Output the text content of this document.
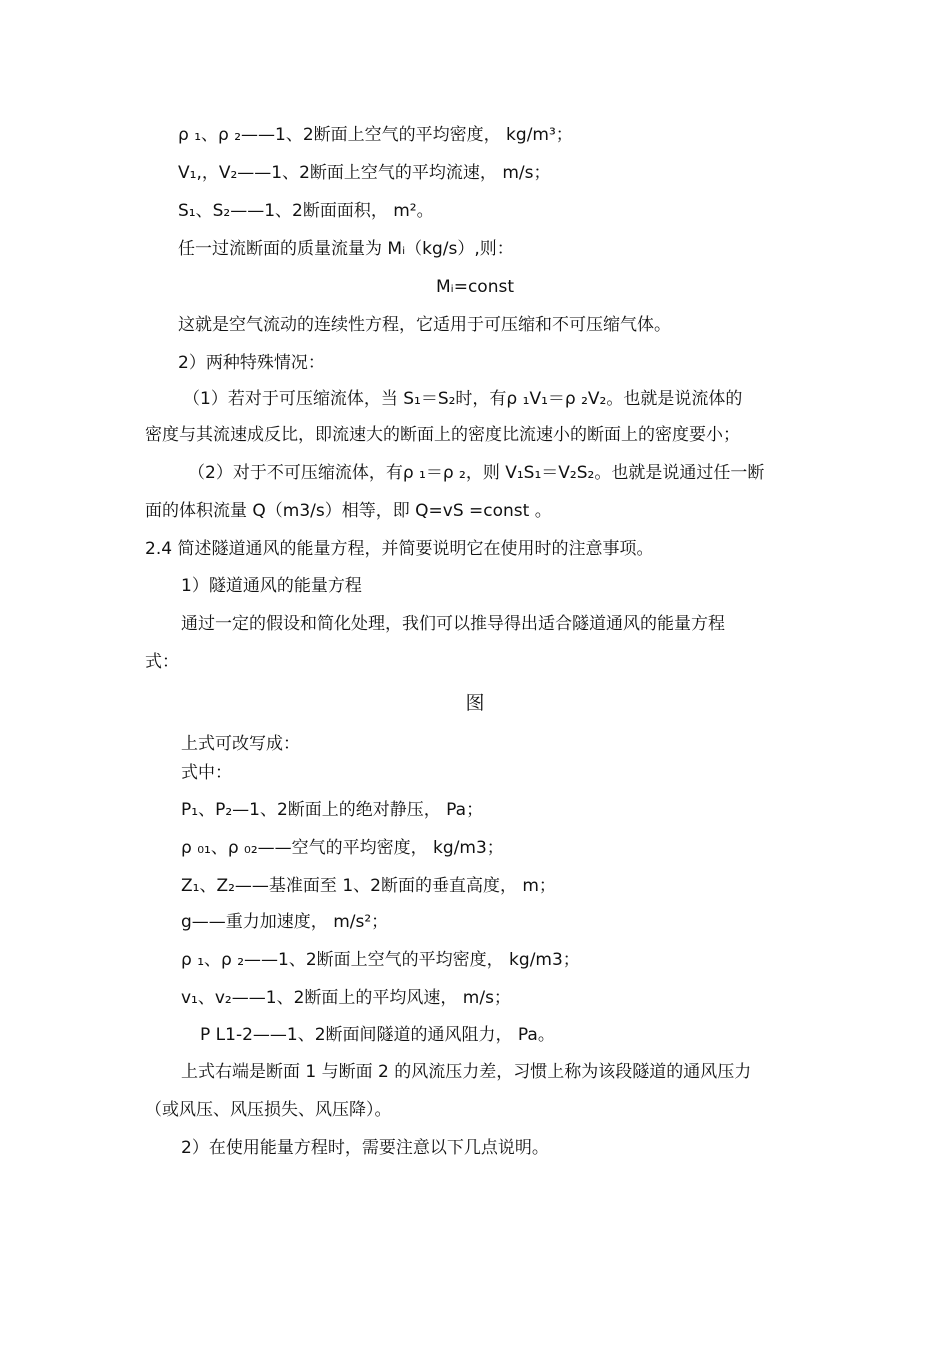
ρ ₁、ρ ₂——1、2断面上空气的平均密度， kg/m³；
V₁,，V₂——1、2断面上空气的平均流速， m/s；
S₁、S₂——1、2断面面积， m²。
任一过流断面的质量流量为 Mᵢ（kg/s）,则：
Mᵢ=const
这就是空气流动的连续性方程，它适用于可压缩和不可压缩气体。
2）两种特殊情况：
（1）若对于可压缩流体，当 S₁＝S₂时，有ρ ₁V₁＝ρ ₂V₂。也就是说流体的
密度与其流速成反比，即流速大的断面上的密度比流速小的断面上的密度要小；
（2）对于不可压缩流体，有ρ ₁＝ρ ₂，则 V₁S₁＝V₂S₂。也就是说通过任一断
面的体积流量 Q（m3/s）相等，即 Q=vS =const 。
2.4 简述隧道通风的能量方程，并简要说明它在使用时的注意事项。
1）隧道通风的能量方程
通过一定的假设和简化处理，我们可以推导得出适合隧道通风的能量方程
式：
图
上式可改写成：
式中：
P₁、P₂—1、2断面上的绝对静压， Pa；
ρ ₀₁、ρ ₀₂——空气的平均密度， kg/m3；
Z₁、Z₂——基准面至 1、2断面的垂直高度， m；
g——重力加速度， m/s²；
ρ ₁、ρ ₂——1、2断面上空气的平均密度， kg/m3；
v₁、v₂——1、2断面上的平均风速， m/s；
P L1-2——1、2断面间隧道的通风阻力， Pa。
上式右端是断面 1 与断面 2 的风流压力差，习惯上称为该段隧道的通风压力
（或风压、风压损失、风压降）。
2）在使用能量方程时，需要注意以下几点说明。
